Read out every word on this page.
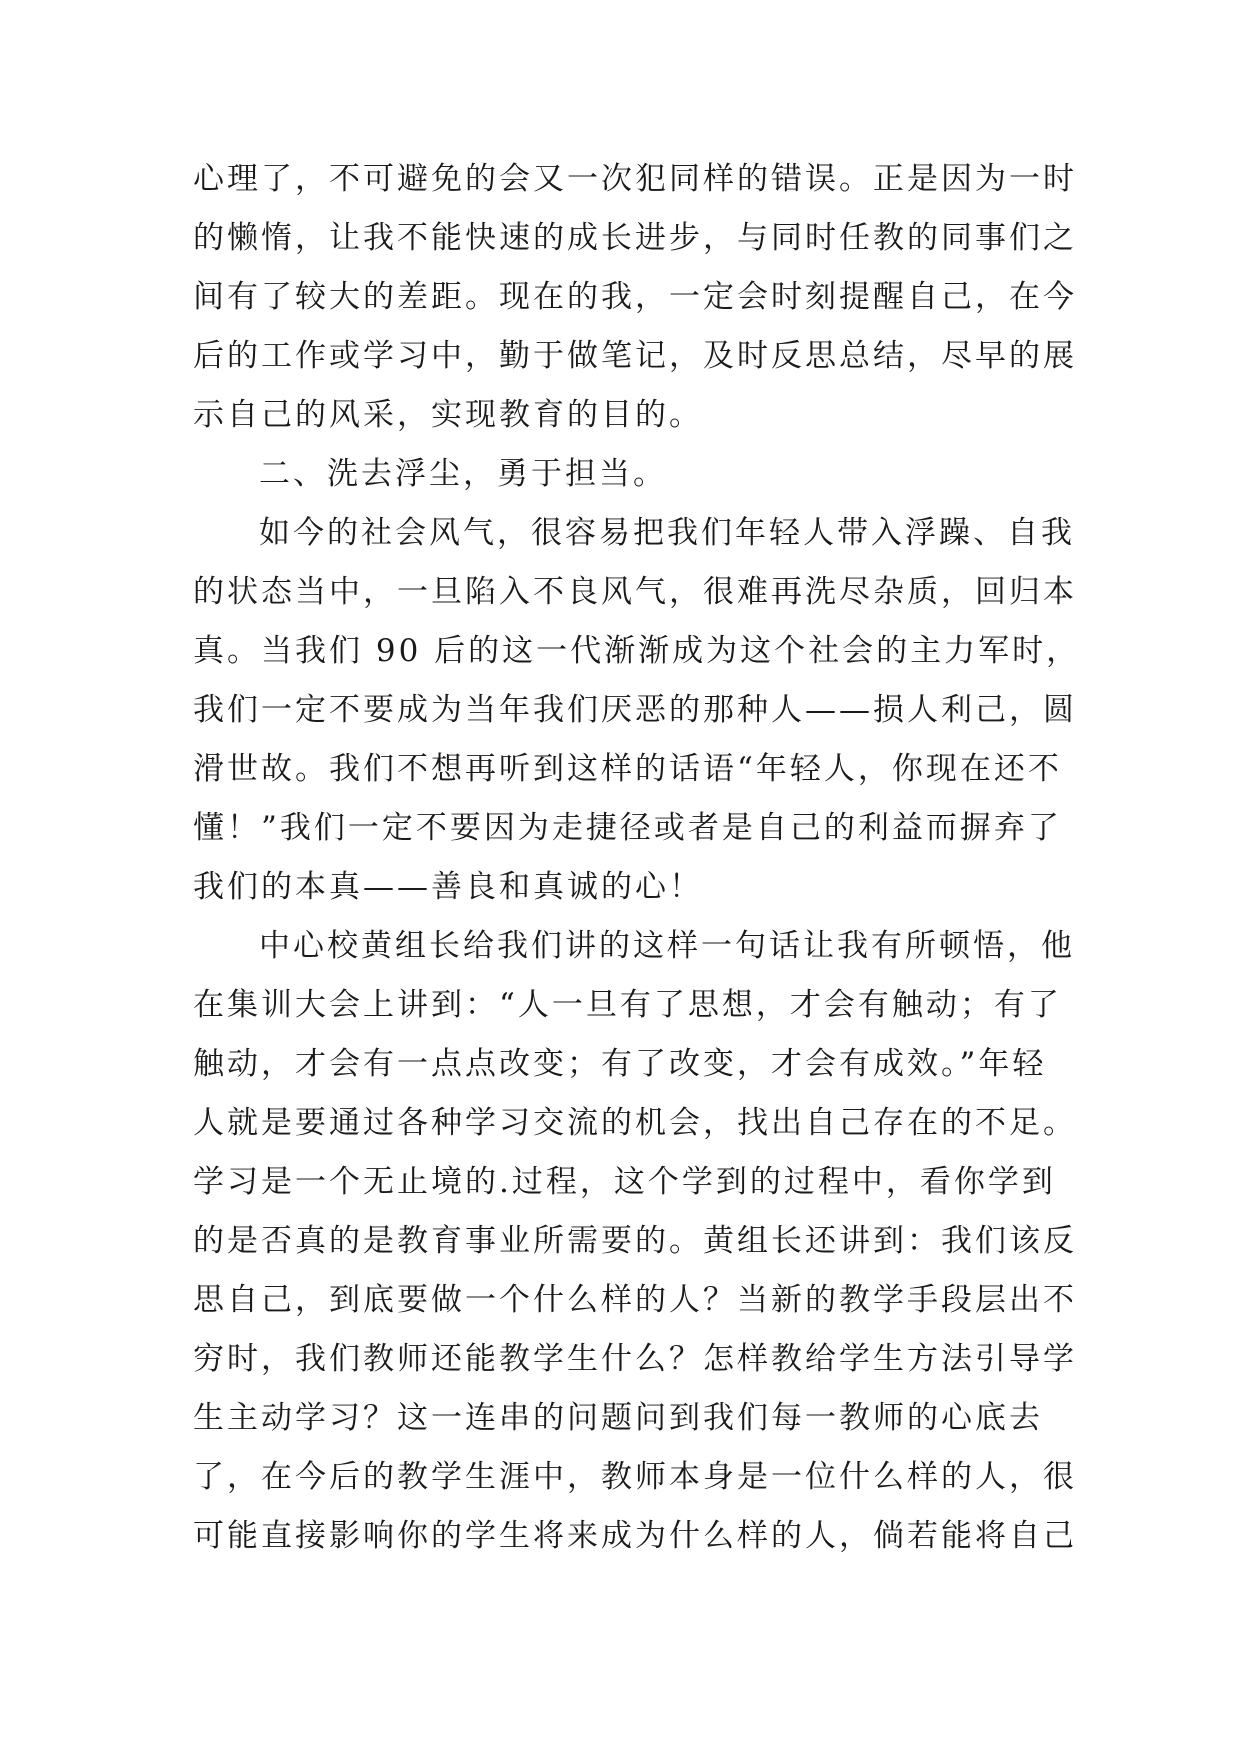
心理了，不可避免的会又一次犯同样的错误。正是因为一时
的懒惰，让我不能快速的成长进步，与同时任教的同事们之
间有了较大的差距。现在的我，一定会时刻提醒自己，在今
后的工作或学习中，勤于做笔记，及时反思总结，尽早的展
示自己的风采，实现教育的目的。
二、洗去浮尘，勇于担当。
如今的社会风气，很容易把我们年轻人带入浮躁、自我
的状态当中，一旦陷入不良风气，很难再洗尽杂质，回归本
真。当我们 90 后的这一代渐渐成为这个社会的主力军时，
我们一定不要成为当年我们厌恶的那种人——损人利己，圆
滑世故。我们不想再听到这样的话语“年轻人，你现在还不
懂！”我们一定不要因为走捷径或者是自己的利益而摒弃了
我们的本真——善良和真诚的心！
中心校黄组长给我们讲的这样一句话让我有所顿悟，他
在集训大会上讲到：“人一旦有了思想，才会有触动；有了
触动，才会有一点点改变；有了改变，才会有成效。”年轻
人就是要通过各种学习交流的机会，找出自己存在的不足。
学习是一个无止境的.过程，这个学到的过程中，看你学到
的是否真的是教育事业所需要的。黄组长还讲到：我们该反
思自己，到底要做一个什么样的人？当新的教学手段层出不
穷时，我们教师还能教学生什么？怎样教给学生方法引导学
生主动学习？这一连串的问题问到我们每一教师的心底去
了，在今后的教学生涯中，教师本身是一位什么样的人，很
可能直接影响你的学生将来成为什么样的人，倘若能将自己
